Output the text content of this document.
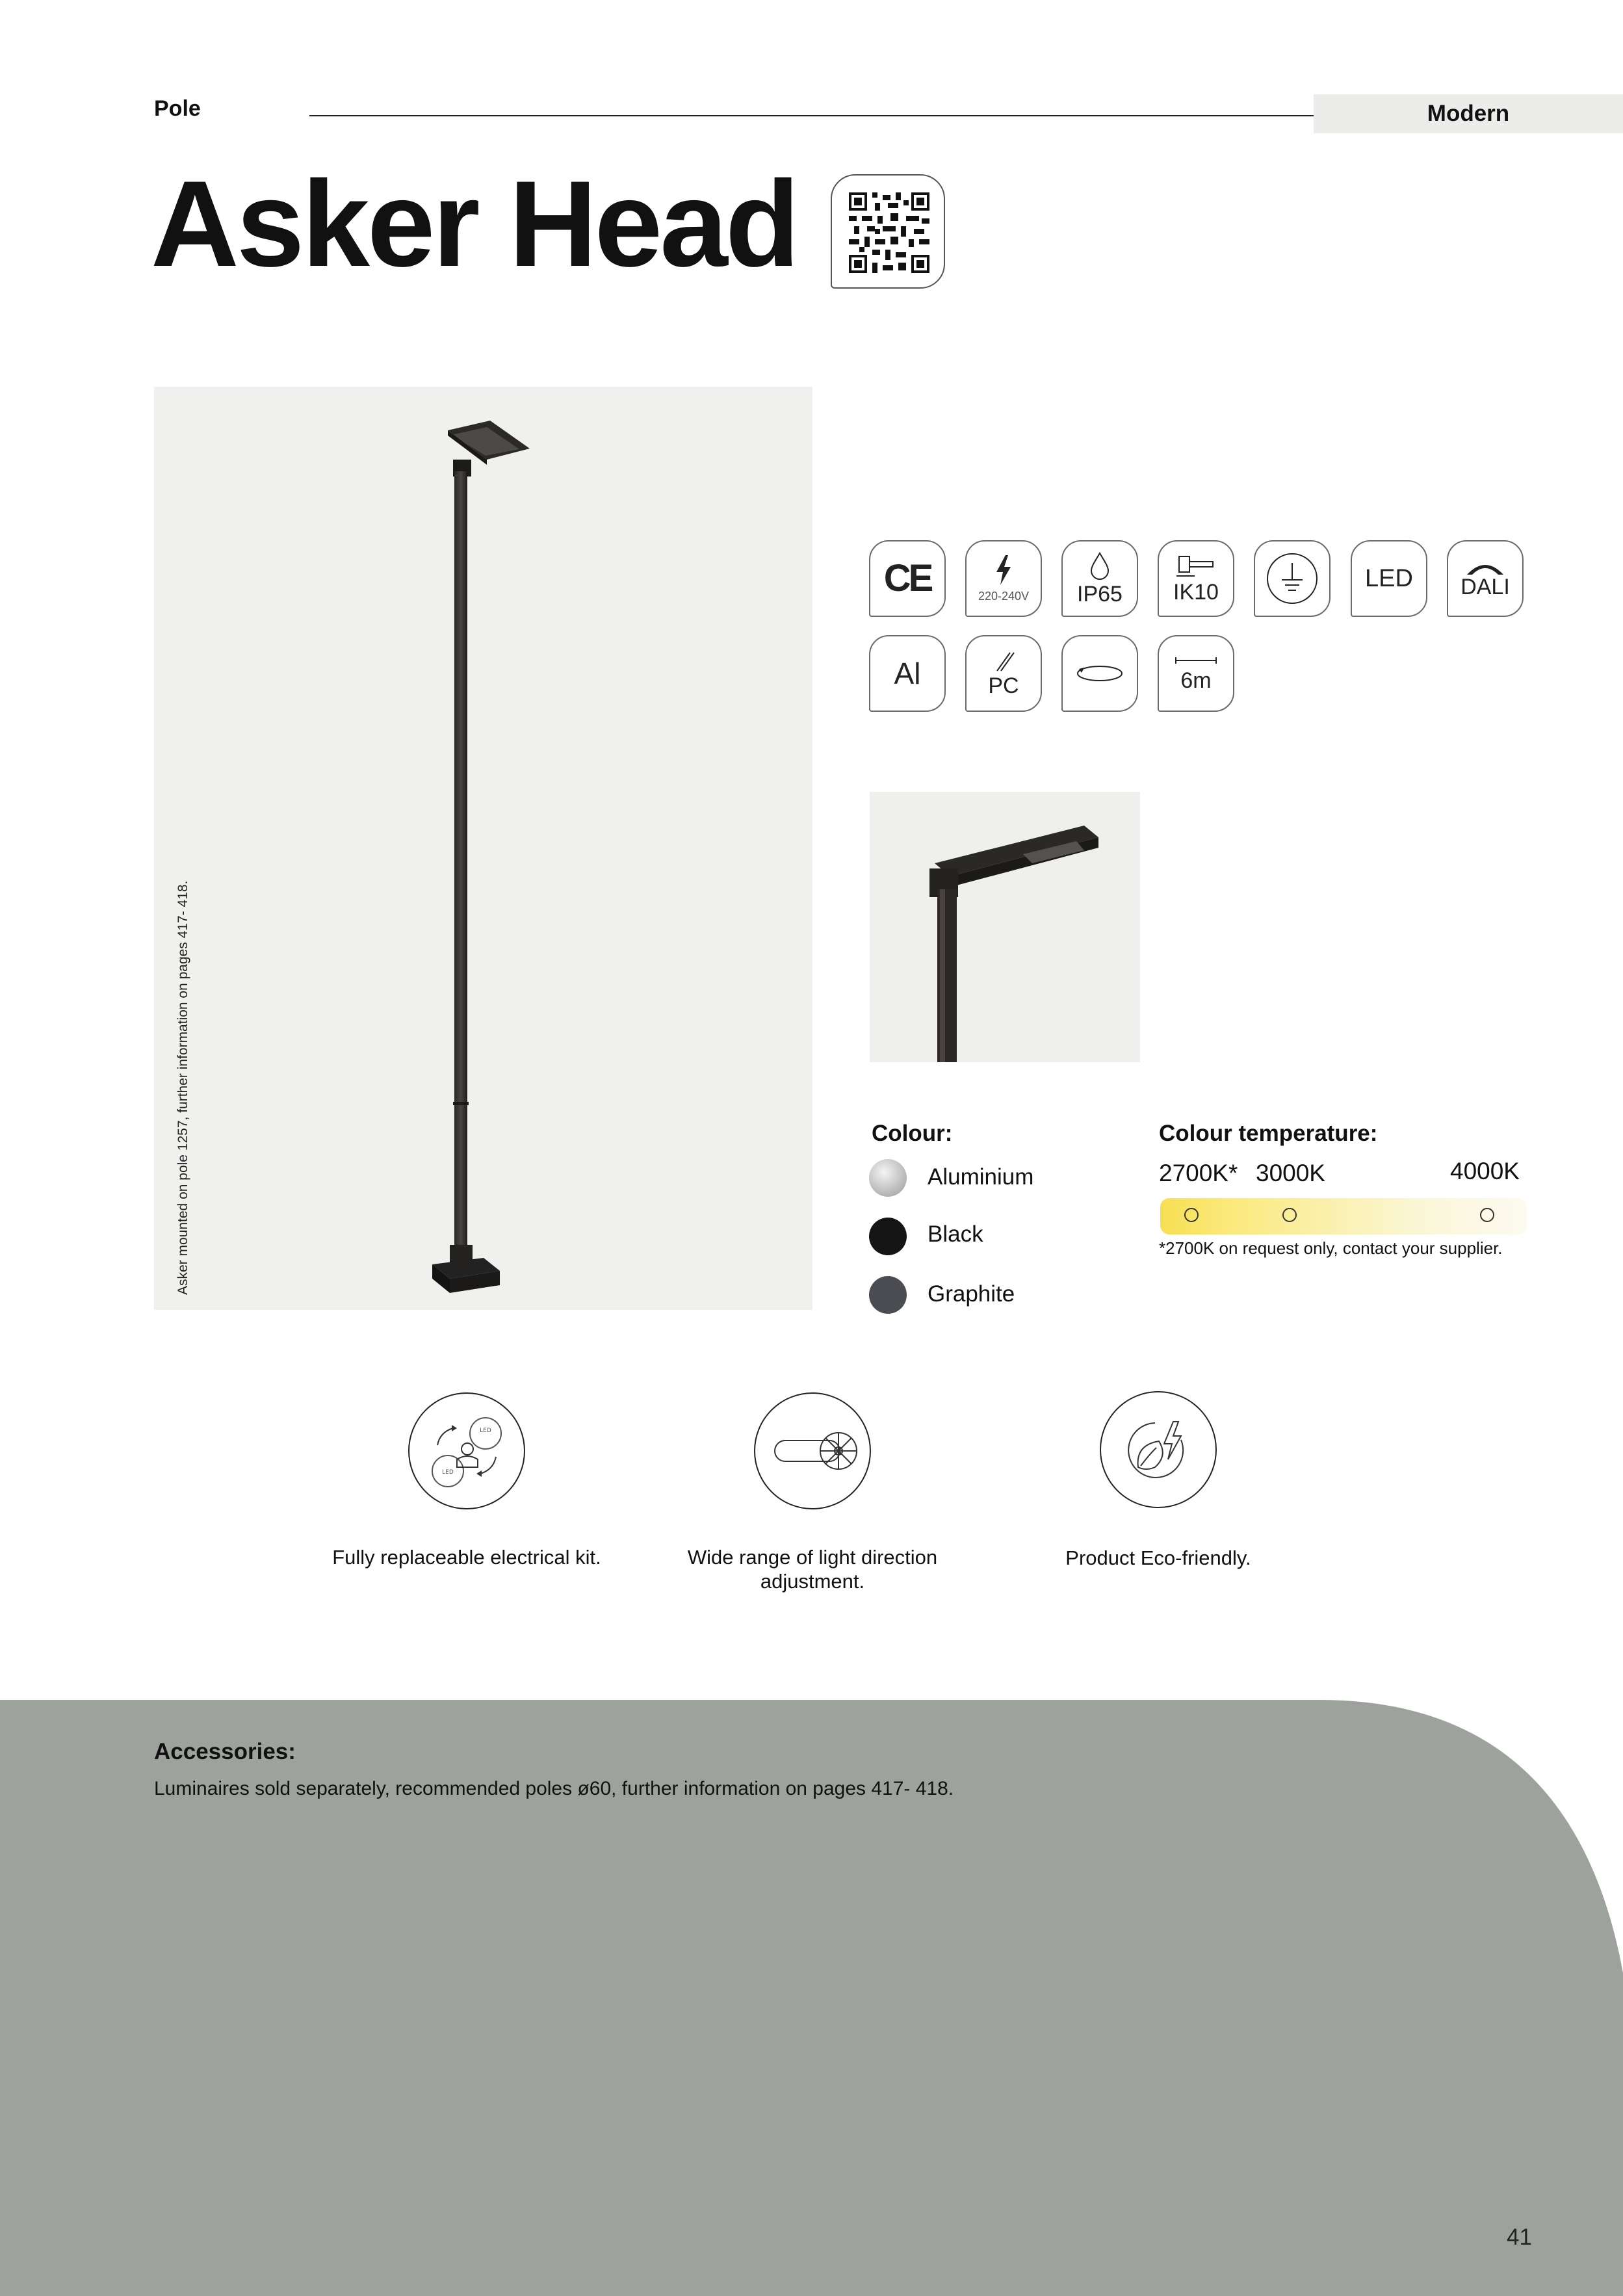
Pole	Modern
Asker Head
Asker mounted on pole 1257, further information on pages 417- 418.
CE	220-240V IP65 IK10	LED DALI
Al	PC	6m
Colour:
Aluminium
Black
Graphite
Colour temperature:
2700K* 3000K	4000K
*2700K on request only, contact your supplier.
LED
LED
Fully replaceable electrical kit.	Wide range of light direction adjustment.
Product Eco-friendly.
Accessories:
Luminaires sold separately, recommended poles ø60, further information on pages 417- 418.
41
